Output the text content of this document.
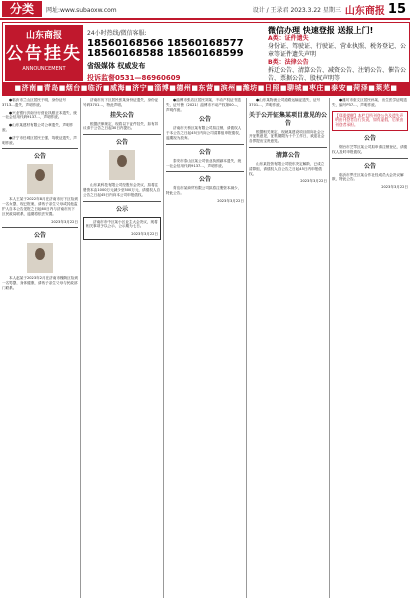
分类	网址:www.subaoxw.com	设计 / 王录君 2023.3.22 星期三 山东商报 15
山东商报
公告挂失
ANNOUNCEMENT
24小时热线/微信客服:
18560168566 18560168577
18560168588 18560168599
省级媒体 权威发布
投诉监督0531—86960609
微信办理 快速登报 送报上门!
A类：证件遗失
身份证、驾驶证、行驶证、营业执照、税务登记、公章等证件遗失声明
B类：法律公告
拆迁公告、清算公告、减资公告、注销公告、催告公告、票据公告、股权声明等
■济南■青岛■烟台■临沂■威海■济宁■淄博■德州■东营■滨州■潍坊■日照■聊城■枣庄■泰安■菏泽■莱芜■

●临沂市兰山区居民于明，身份证号3713…遗失，声明作废。

●兴业银行济南分行营业执照正本遗失，统一社会信用代码9137…，声明作废。

●山东某建材有限公司公章遗失，声明作废。

●济宁市任城区居民王强，驾驶证遗失，声明作废。

公告

本人王某于2022年8月在济南市历下区捡到一名女婴，现已报案，请孩子亲生父母或其他监护人自本公告见报之日起60日内与济南市历下区民政局联系，逾期将依法安置。

2023年3月22日
公告

本人赵某于2023年2月在济南市槐荫区捡到一名男婴，身体健康，请孩子亲生父母与民政部门联系。

济南市历下区居民张某身份证遗失，身份证号码3701…，特此声明。

挂失公告

根据法律规定，现将以下证件挂失，如有异议请于公告之日起30日内提出。

公告

山东某科技有限公司经股东会决议，拟将注册资本由1000万元减少至500万元，请债权人自公告之日起45日内向本公司申报债权。

公示

济南市市中区某小区业主大会决议，现将相关事项予以公示，公示期为七日。

2023年3月22日

●淄博市张店区居民刘某，不动产权证书遗失，证号鲁（2021）淄博市不动产权第00…，声明作废。

公告

济南市天桥区某有限公司拟注销，请债权人于本公告之日起45日内向公司清算组申报债权，逾期视为放弃。

公告

泰安市泰山区某公司营业执照副本遗失，统一社会信用代码9137…，声明作废。

公告

青岛市某商贸有限公司拟将注册资本减少，特此公告。

2023年3月22日

●山东某物流公司道路运输证遗失，证号3701…，声明作废。

关于公开征集某项目意见的公告

根据相关规定，现就某建设项目面向社会公开征集意见，征集期限为十个工作日，欢迎社会各界提出宝贵意见。

清算公告

山东某投资有限公司股东决定解散，已成立清算组，请债权人自公告之日起45日内申报债权。

2023年3月22日

●潍坊市奎文区居民孙某，出生医学证明遗失，编号P37…，声明作废。

【郑重提醒】本栏目所刊登公告及遗失声明由刊登者自行负责，如有虚假，后果由刊登者承担。
公告

烟台市芝罘区某公司拟申请注销登记，请债权人及时申报债权。

公告

临沂市罗庄区某合作社经成员大会决议解散，特此公告。

2023年3月22日
